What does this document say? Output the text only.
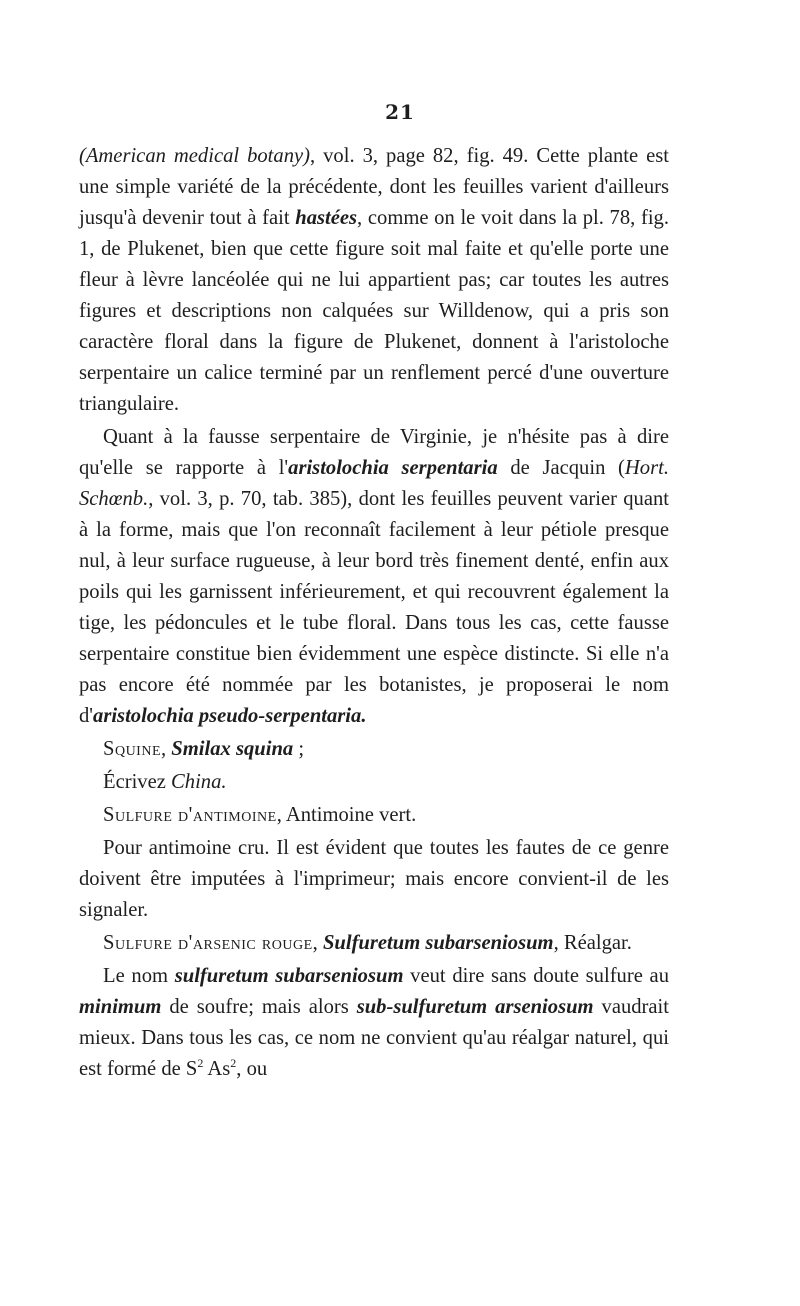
21

(American medical botany), vol. 3, page 82, fig. 49. Cette plante est une simple variété de la précédente, dont les feuilles varient d'ailleurs jusqu'à devenir tout à fait hastées, comme on le voit dans la pl. 78, fig. 1, de Plukenet, bien que cette figure soit mal faite et qu'elle porte une fleur à lèvre lancéolée qui ne lui appartient pas; car toutes les autres figures et descriptions non calquées sur Willdenow, qui a pris son caractère floral dans la figure de Plukenet, donnent à l'aristoloche serpentaire un calice terminé par un renflement percé d'une ouverture triangulaire.

Quant à la fausse serpentaire de Virginie, je n'hésite pas à dire qu'elle se rapporte à l'aristolochia serpentaria de Jacquin (Hort. Schœnb., vol. 3, p. 70, tab. 385), dont les feuilles peuvent varier quant à la forme, mais que l'on reconnaît facilement à leur pétiole presque nul, à leur surface rugueuse, à leur bord très finement denté, enfin aux poils qui les garnissent inférieurement, et qui recouvrent également la tige, les pédoncules et le tube floral. Dans tous les cas, cette fausse serpentaire constitue bien évidemment une espèce distincte. Si elle n'a pas encore été nommée par les botanistes, je proposerai le nom d'aristolochia pseudo-serpentaria.

Squine, Smilax squina ;

Écrivez China.

Sulfure d'antimoine, Antimoine vert.

Pour antimoine cru. Il est évident que toutes les fautes de ce genre doivent être imputées à l'imprimeur; mais encore convient-il de les signaler.

Sulfure d'arsenic rouge, Sulfuretum subarseniosum, Réalgar.

Le nom sulfuretum subarseniosum veut dire sans doute sulfure au minimum de soufre; mais alors sub-sulfuretum arseniosum vaudrait mieux. Dans tous les cas, ce nom ne convient qu'au réalgar naturel, qui est formé de $S^2$ As$^2$, ou
